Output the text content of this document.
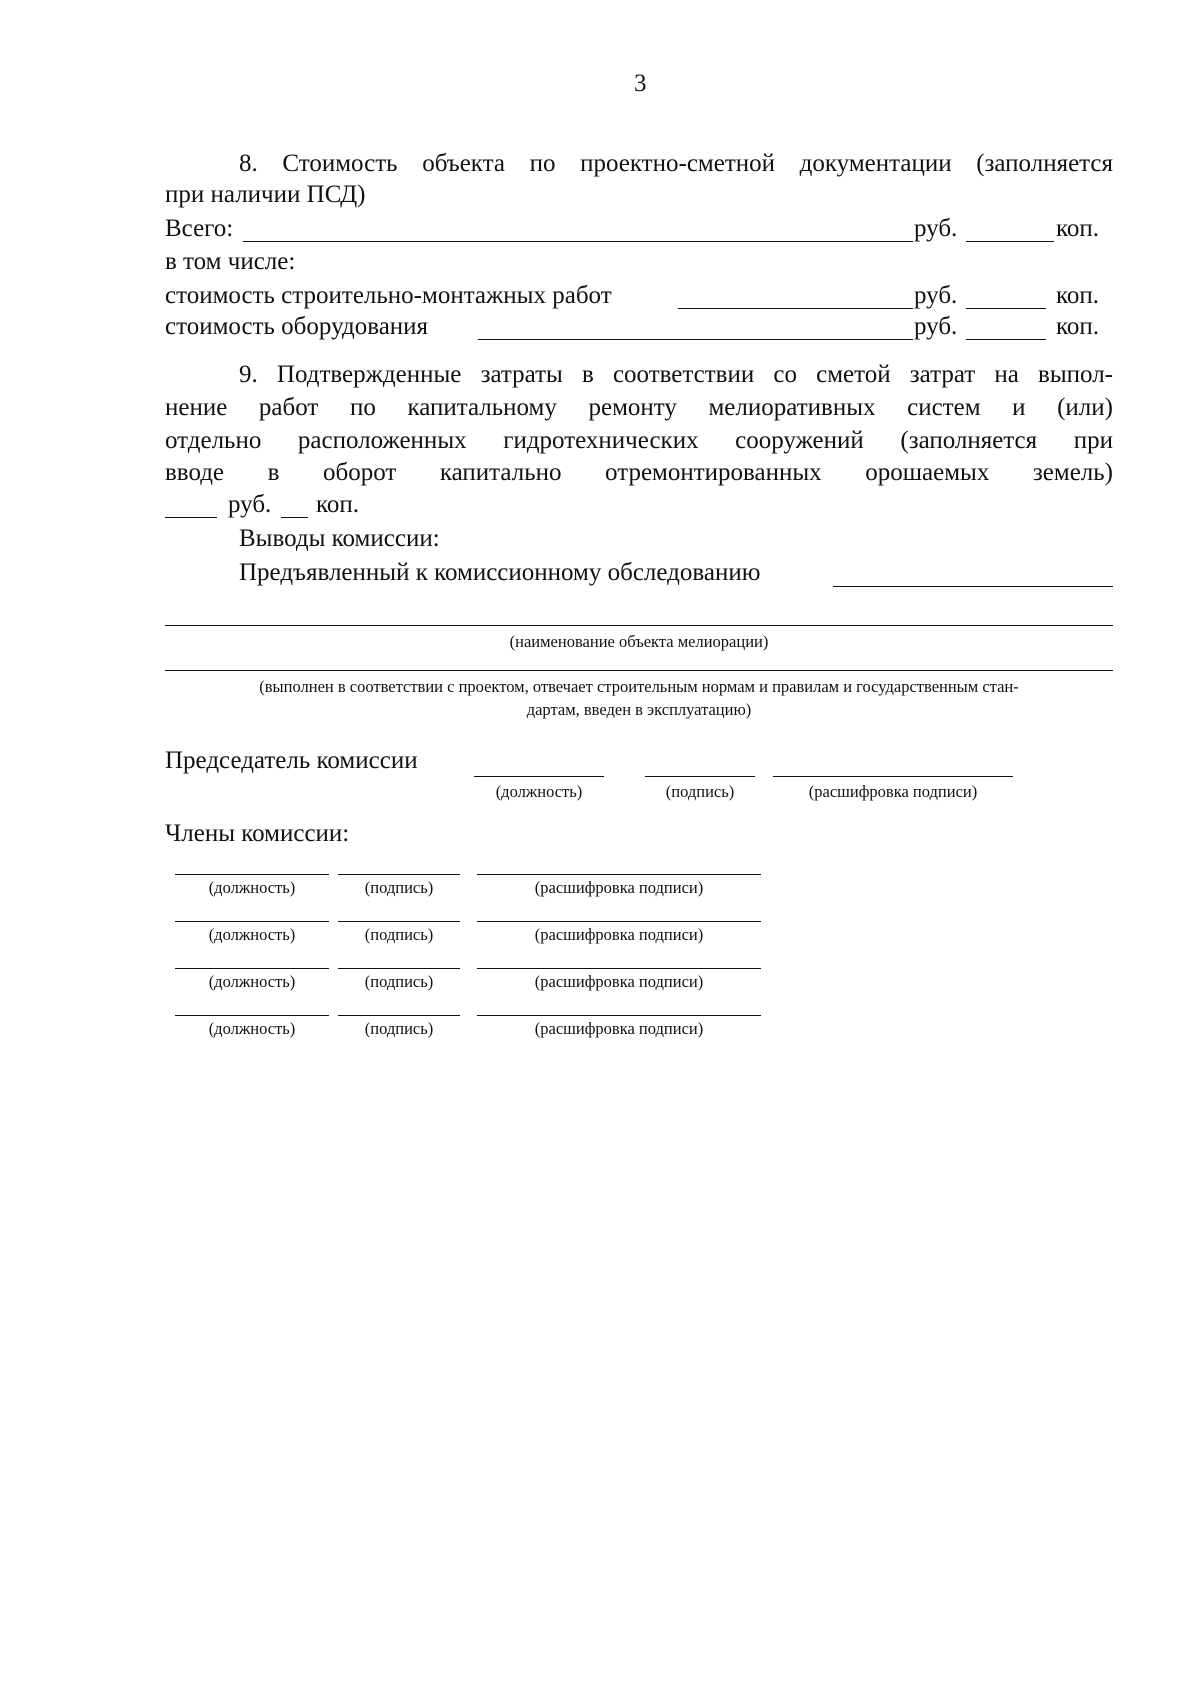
3
8. Стоимость объекта по проектно-сметной документации (заполняется
при наличии ПСД)
Всего:	руб.	коп.
в том числе:
стоимость строительно-монтажных работ	руб.	коп.
стоимость оборудования	руб.	коп.
9. Подтвержденные затраты в соответствии со сметой затрат на выпол-
нение работ по капитальному ремонту мелиоративных систем и (или)
отдельно расположенных гидротехнических сооружений (заполняется при
вводе в оборот капитально отремонтированных орошаемых земель)
руб. коп.
Выводы комиссии:
Предъявленный к комиссионному обследованию
(наименование объекта мелиорации)
(выполнен в соответствии с проектом, отвечает строительным нормам и правилам и государственным стан-
дартам, введен в эксплуатацию)
Председатель комиссии
(должность)	(подпись)	(расшифровка подписи)
Члены комиссии:
(должность)	(подпись)	(расшифровка подписи)
(должность)	(подпись)	(расшифровка подписи)
(должность)	(подпись)	(расшифровка подписи)
(должность)	(подпись)	(расшифровка подписи)
